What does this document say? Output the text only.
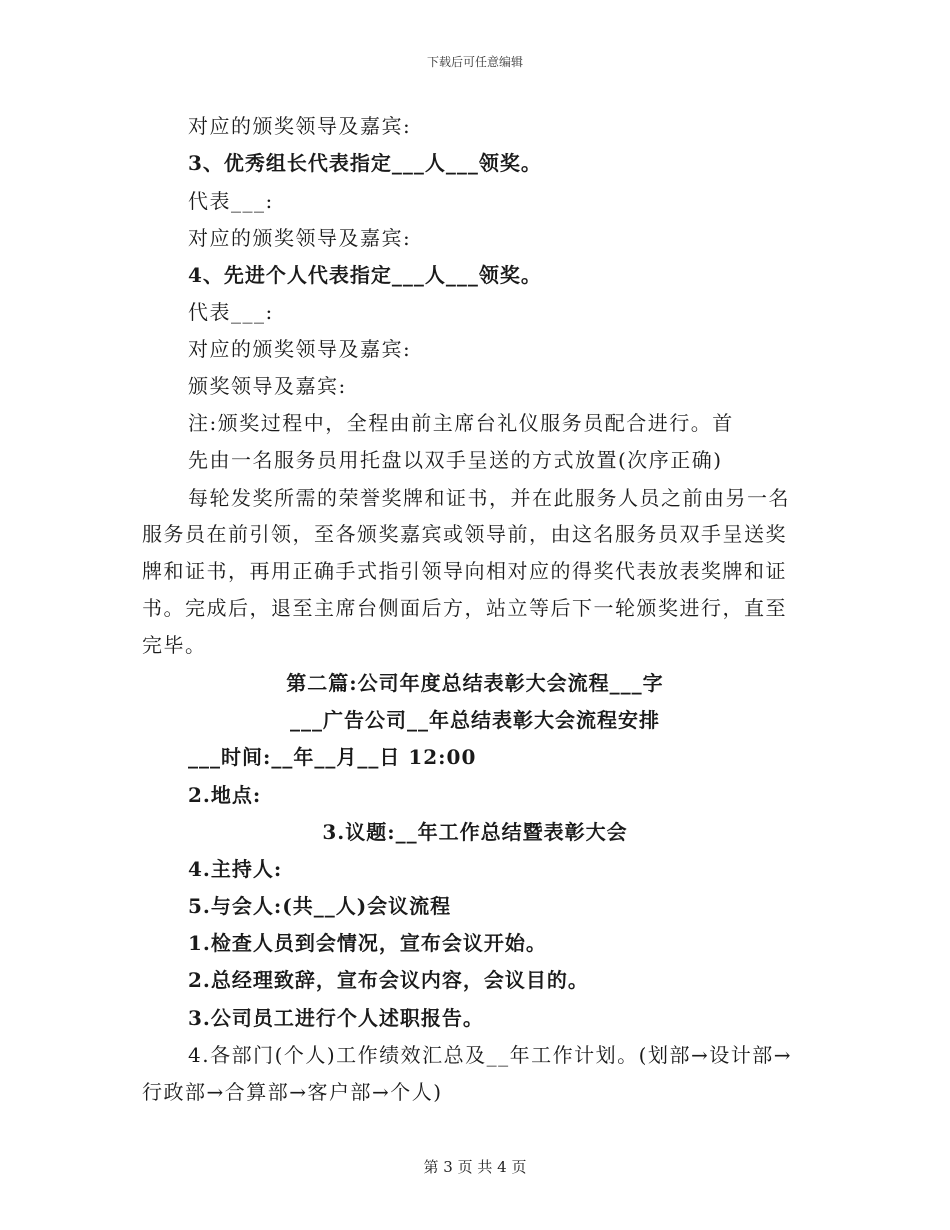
下载后可任意编辑
对应的颁奖领导及嘉宾:
3、优秀组长代表指定___人___领奖。
代表___:
对应的颁奖领导及嘉宾:
4、先进个人代表指定___人___领奖。
代表___:
对应的颁奖领导及嘉宾:
颁奖领导及嘉宾:
注:颁奖过程中，全程由前主席台礼仪服务员配合进行。首
先由一名服务员用托盘以双手呈送的方式放置(次序正确)
每轮发奖所需的荣誉奖牌和证书，并在此服务人员之前由另一名
服务员在前引领，至各颁奖嘉宾或领导前，由这名服务员双手呈送奖
牌和证书，再用正确手式指引领导向相对应的得奖代表放表奖牌和证
书。完成后，退至主席台侧面后方，站立等后下一轮颁奖进行，直至
完毕。
第二篇:公司年度总结表彰大会流程___字
___广告公司__年总结表彰大会流程安排
___时间:__年__月__日 12:00
2.地点:
3.议题:__年工作总结暨表彰大会
4.主持人:
5.与会人:(共__人)会议流程
1.检查人员到会情况，宣布会议开始。
2.总经理致辞，宣布会议内容，会议目的。
3.公司员工进行个人述职报告。
4.各部门(个人)工作绩效汇总及__年工作计划。(划部→设计部→
行政部→合算部→客户部→个人)
第 3 页 共 4 页
